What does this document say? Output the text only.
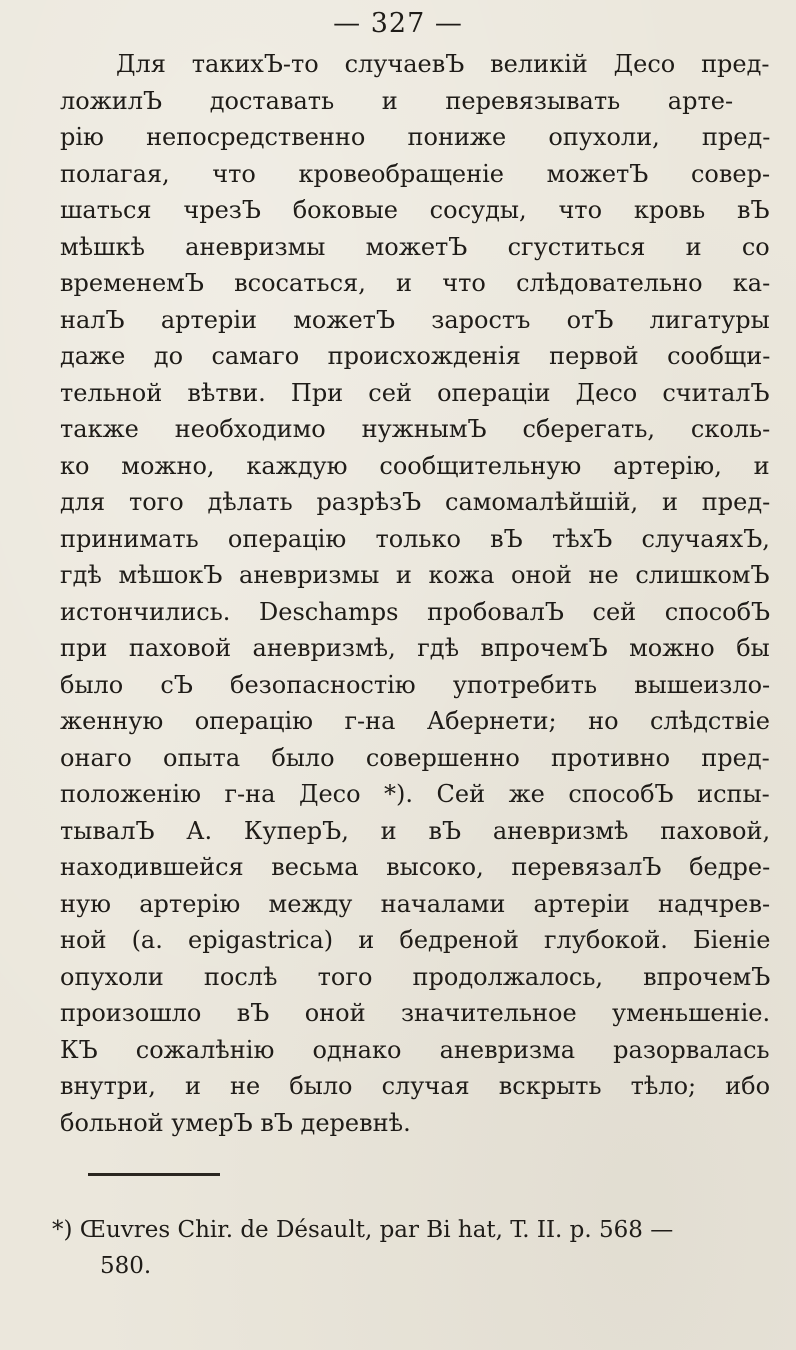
— 327 —
Для такихЪ-то случаевЪ великій Десо пред-
ложилЪ доставать и перевязывать арте-
рію непосредственно пониже опухоли, пред-
полагая, что кровеобращеніе можетЪ совер-
шаться чрезЪ боковые сосуды, что кровь вЪ
мѣшкѣ аневризмы можетЪ сгуститься и со
временемЪ всосаться, и что слѣдовательно ка-
налЪ артеріи можетЪ заростъ отЪ лигатуры
даже до самаго происхожденія первой сообщи-
тельной вѣтви. При сей операціи Десо считалЪ
также необходимо нужнымЪ сберегать, сколь-
ко можно, каждую сообщительную артерію, и
для того дѣлать разрѣзЪ самомалѣйшій, и пред-
принимать операцію только вЪ тѣхЪ случаяхЪ,
гдѣ мѣшокЪ аневризмы и кожа оной не слишкомЪ
истончились. Deschamps пробовалЪ сей способЪ
при паховой аневризмѣ, гдѣ впрочемЪ можно бы
было сЪ безопасностію употребить вышеизло-
женную операцію г-на Абернети; но слѣдствіе
онаго опыта было совершенно противно пред-
положенію г-на Десо *). Сей же способЪ испы-
тывалЪ А. КуперЪ, и вЪ аневризмѣ паховой,
находившейся весьма высоко, перевязалЪ бедре-
ную артерію между началами артеріи надчрев-
ной (a. epigastrica) и бедреной глубокой. Біеніе
опухоли послѣ того продолжалось, впрочемЪ
произошло вЪ оной значительное уменьшеніе.
КЪ сожалѣнію однако аневризма разорвалась
внутри, и не было случая вскрыть тѣло; ибо
больной умерЪ вЪ деревнѣ.
*) Œuvres Chir. de Désault, par Bi hat, T. II. p. 568 —
580.
